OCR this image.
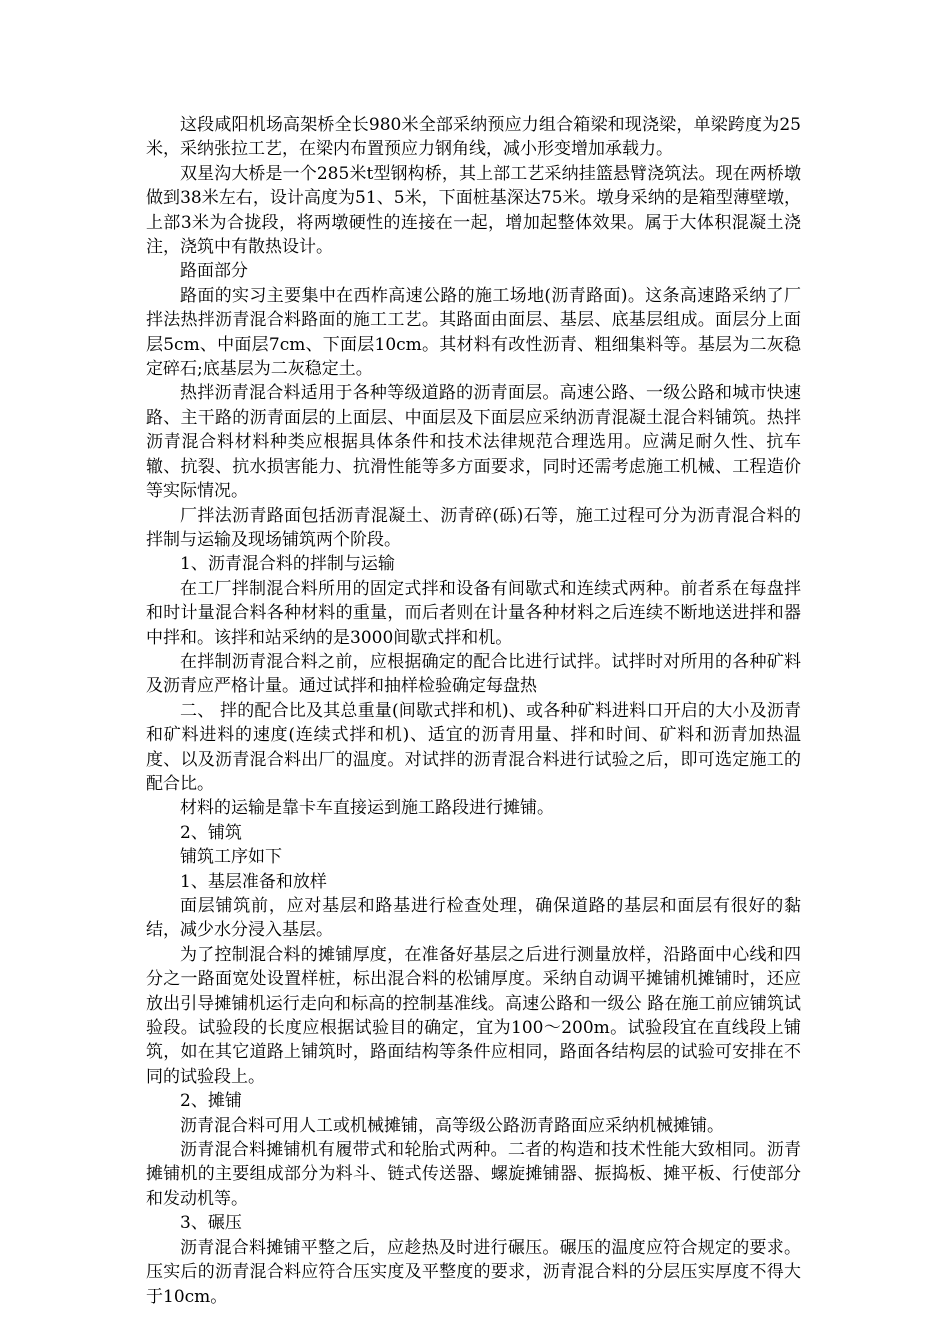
这段咸阳机场高架桥全长980米全部采纳预应力组合箱梁和现浇梁，单梁跨度为25米，采纳张拉工艺，在梁内布置预应力钢角线，减小形变增加承载力。

双星沟大桥是一个285米t型钢构桥，其上部工艺采纳挂篮悬臂浇筑法。现在两桥墩做到38米左右，设计高度为51、5米，下面桩基深达75米。墩身采纳的是箱型薄壁墩，上部3米为合拢段，将两墩硬性的连接在一起，增加起整体效果。属于大体积混凝土浇注，浇筑中有散热设计。

路面部分

路面的实习主要集中在西柞高速公路的施工场地(沥青路面)。这条高速路采纳了厂拌法热拌沥青混合料路面的施工工艺。其路面由面层、基层、底基层组成。面层分上面层5cm、中面层7cm、下面层10cm。其材料有改性沥青、粗细集料等。基层为二灰稳定碎石;底基层为二灰稳定土。

热拌沥青混合料适用于各种等级道路的沥青面层。高速公路、一级公路和城市快速路、主干路的沥青面层的上面层、中面层及下面层应采纳沥青混凝土混合料铺筑。热拌沥青混合料材料种类应根据具体条件和技术法律规范合理选用。应满足耐久性、抗车辙、抗裂、抗水损害能力、抗滑性能等多方面要求，同时还需考虑施工机械、工程造价等实际情况。

厂拌法沥青路面包括沥青混凝土、沥青碎(砾)石等，施工过程可分为沥青混合料的拌制与运输及现场铺筑两个阶段。

1、沥青混合料的拌制与运输

在工厂拌制混合料所用的固定式拌和设备有间歇式和连续式两种。前者系在每盘拌和时计量混合料各种材料的重量，而后者则在计量各种材料之后连续不断地送进拌和器中拌和。该拌和站采纳的是3000间歇式拌和机。

在拌制沥青混合料之前，应根据确定的配合比进行试拌。试拌时对所用的各种矿料及沥青应严格计量。通过试拌和抽样检验确定每盘热

二、 拌的配合比及其总重量(间歇式拌和机)、或各种矿料进料口开启的大小及沥青和矿料进料的速度(连续式拌和机)、适宜的沥青用量、拌和时间、矿料和沥青加热温度、以及沥青混合料出厂的温度。对试拌的沥青混合料进行试验之后，即可选定施工的配合比。

材料的运输是靠卡车直接运到施工路段进行摊铺。

2、铺筑

铺筑工序如下

1、基层准备和放样

面层铺筑前，应对基层和路基进行检查处理，确保道路的基层和面层有很好的黏结，减少水分浸入基层。

为了控制混合料的摊铺厚度，在准备好基层之后进行测量放样，沿路面中心线和四分之一路面宽处设置样桩，标出混合料的松铺厚度。采纳自动调平摊铺机摊铺时，还应放出引导摊铺机运行走向和标高的控制基准线。高速公路和一级公 路在施工前应铺筑试验段。试验段的长度应根据试验目的确定，宜为100～200m。试验段宜在直线段上铺筑，如在其它道路上铺筑时，路面结构等条件应相同，路面各结构层的试验可安排在不同的试验段上。

2、摊铺

沥青混合料可用人工或机械摊铺，高等级公路沥青路面应采纳机械摊铺。

沥青混合料摊铺机有履带式和轮胎式两种。二者的构造和技术性能大致相同。沥青摊铺机的主要组成部分为料斗、链式传送器、螺旋摊铺器、振捣板、摊平板、行使部分和发动机等。

3、碾压

沥青混合料摊铺平整之后，应趁热及时进行碾压。碾压的温度应符合规定的要求。压实后的沥青混合料应符合压实度及平整度的要求，沥青混合料的分层压实厚度不得大于10cm。
